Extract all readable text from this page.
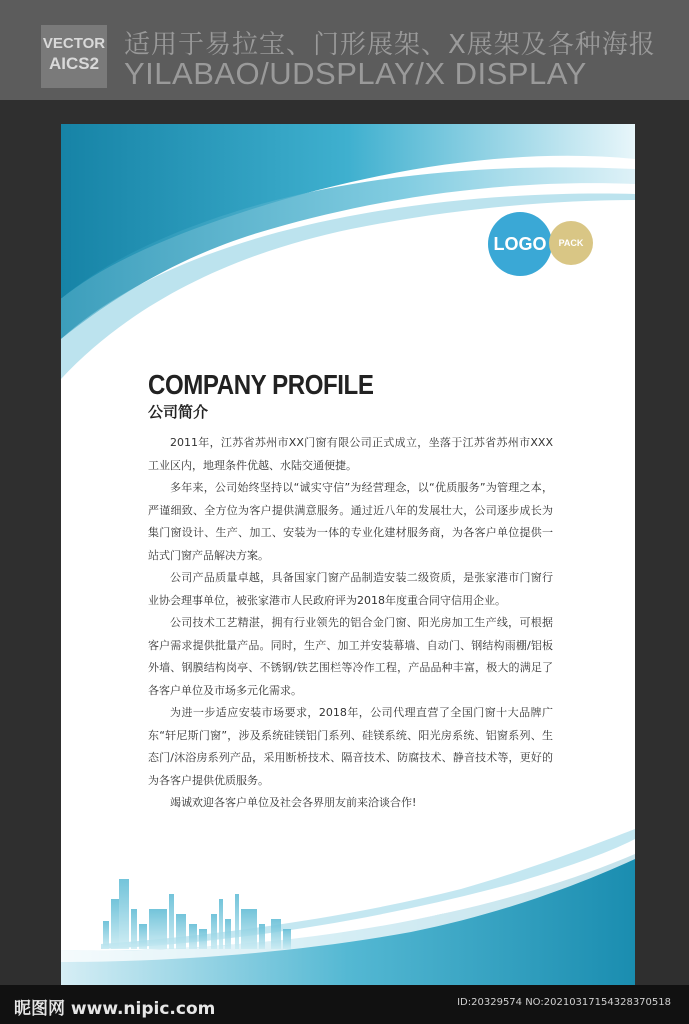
VECTOR
AICS2
适用于易拉宝、门形展架、X展架及各种海报
YILABAO/UDSPLAY/X DISPLAY
LOGO	PACK
COMPANY PROFILE
公司简介

2011年，江苏省苏州市XX门窗有限公司正式成立，坐落于江苏省苏州市XXX工业区内，地理条件优越、水陆交通便捷。

多年来，公司始终坚持以“诚实守信”为经营理念，以“优质服务”为管理之本，严谨细致、全方位为客户提供满意服务。通过近八年的发展壮大，公司逐步成长为集门窗设计、生产、加工、安装为一体的专业化建材服务商，为各客户单位提供一站式门窗产品解决方案。

公司产品质量卓越，具备国家门窗产品制造安装二级资质，是张家港市门窗行业协会理事单位，被张家港市人民政府评为2018年度重合同守信用企业。

公司技术工艺精湛，拥有行业领先的铝合金门窗、阳光房加工生产线，可根据客户需求提供批量产品。同时，生产、加工并安装幕墙、自动门、钢结构雨棚/铝板外墙、钢膜结构岗亭、不锈钢/铁艺围栏等冷作工程，产品品种丰富，极大的满足了各客户单位及市场多元化需求。

为进一步适应安装市场要求，2018年，公司代理直营了全国门窗十大品牌广东“轩尼斯门窗”，涉及系统硅镁铝门系列、硅镁系统、阳光房系统、铝窗系列、生态门/沐浴房系列产品，采用断桥技术、隔音技术、防腐技术、静音技术等，更好的为各客户提供优质服务。

竭诚欢迎各客户单位及社会各界朋友前来洽谈合作!

昵图网 www.nipic.com	ID:20329574 NO:20210317154328370518
